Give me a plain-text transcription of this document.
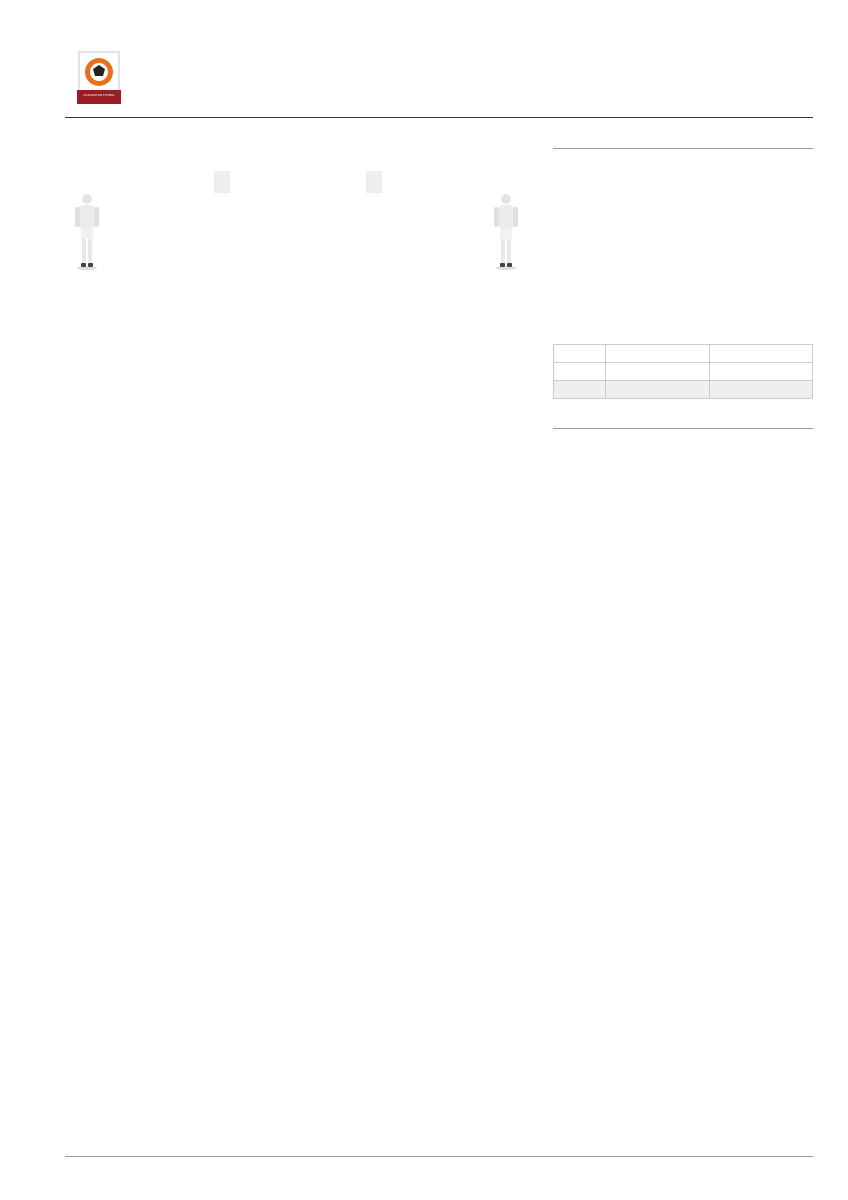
QAZAQSTAN FUTBOL
